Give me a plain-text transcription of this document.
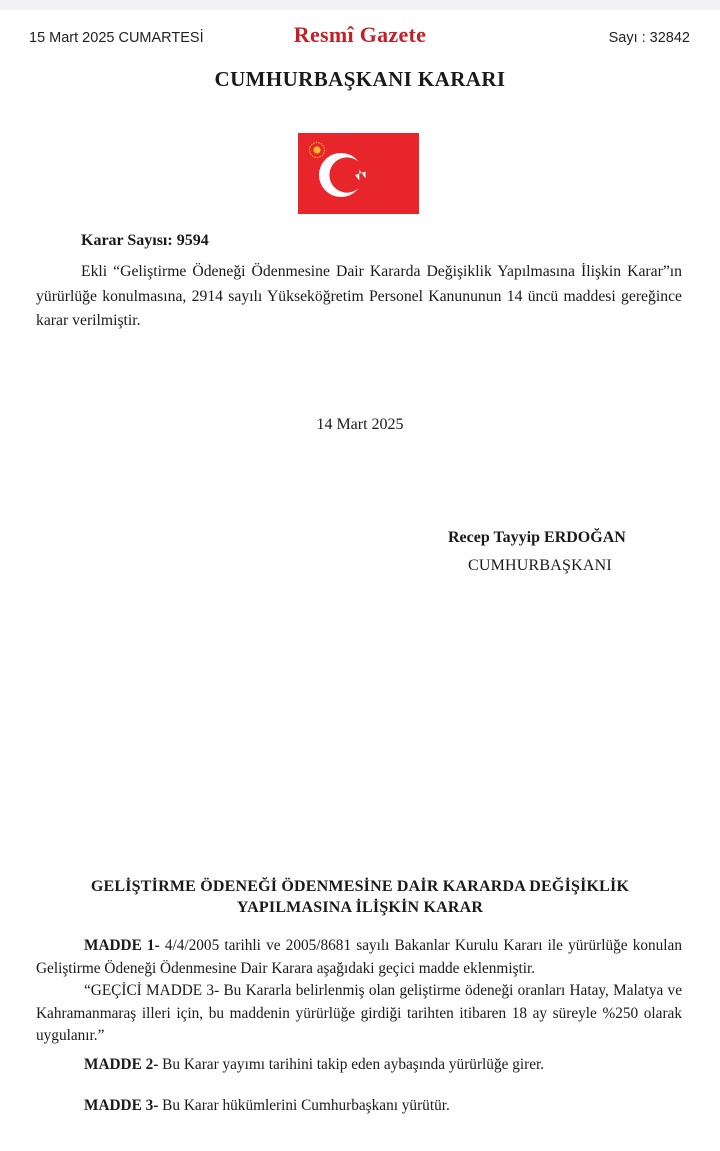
15 Mart 2025 CUMARTESİ	Resmî Gazete	Sayı : 32842
CUMHURBAŞKANI KARARI
Karar Sayısı: 9594
Ekli “Geliştirme Ödeneği Ödenmesine Dair Kararda Değişiklik Yapılmasına İlişkin Karar”ın yürürlüğe konulmasına, 2914 sayılı Yükseköğretim Personel Kanununun 14 üncü maddesi gereğince karar verilmiştir.
14 Mart 2025
Recep Tayyip ERDOĞAN
CUMHURBAŞKANI
GELİŞTİRME ÖDENEĞİ ÖDENMESİNE DAİR KARARDA DEĞİŞİKLİK
YAPILMASINA İLİŞKİN KARAR

MADDE 1- 4/4/2005 tarihli ve 2005/8681 sayılı Bakanlar Kurulu Kararı ile yürürlüğe konulan Geliştirme Ödeneği Ödenmesine Dair Karara aşağıdaki geçici madde eklenmiştir.

“GEÇİCİ MADDE 3- Bu Kararla belirlenmiş olan geliştirme ödeneği oranları Hatay, Malatya ve Kahramanmaraş illeri için, bu maddenin yürürlüğe girdiği tarihten itibaren 18 ay süreyle %250 olarak uygulanır.”

MADDE 2- Bu Karar yayımı tarihini takip eden aybaşında yürürlüğe girer.
MADDE 3- Bu Karar hükümlerini Cumhurbaşkanı yürütür.
